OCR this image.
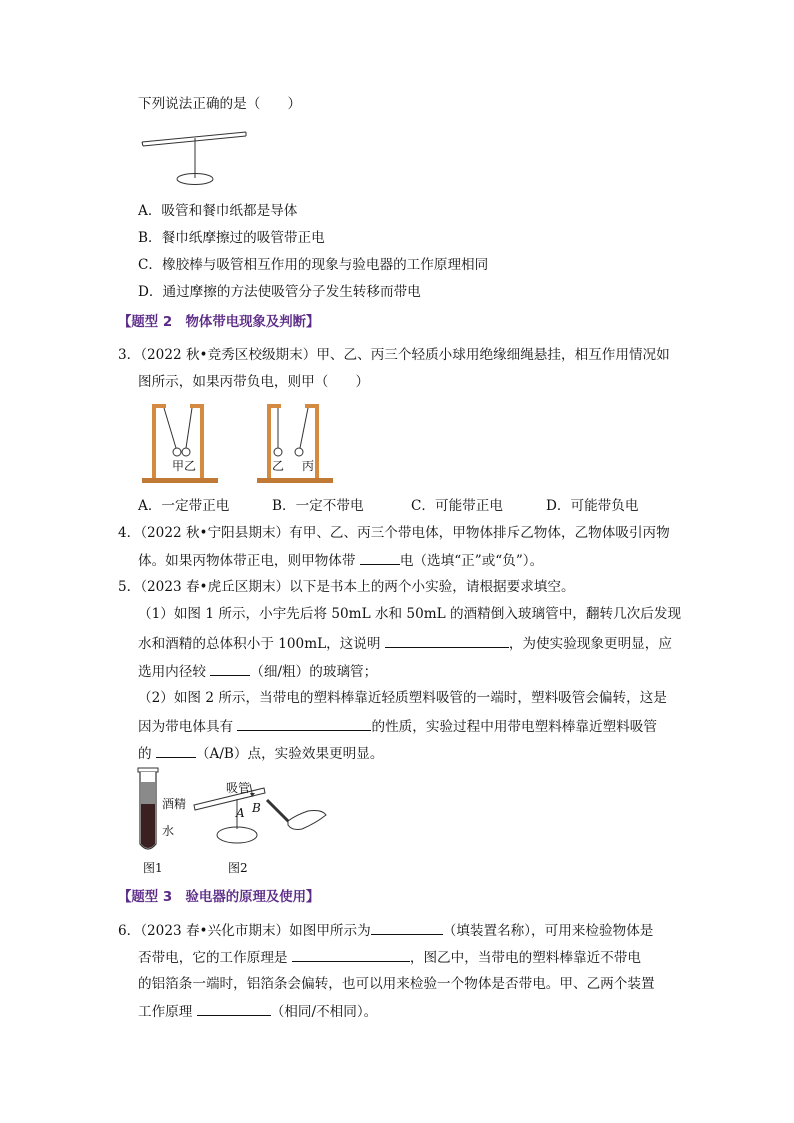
下列说法正确的是（　　）
A．吸管和餐巾纸都是导体
B．餐巾纸摩擦过的吸管带正电
C．橡胶棒与吸管相互作用的现象与验电器的工作原理相同
D．通过摩擦的方法使吸管分子发生转移而带电
【题型 2　物体带电现象及判断】
3．（2022 秋•竞秀区校级期末）甲、乙、丙三个轻质小球用绝缘细绳悬挂，相互作用情况如
图所示，如果丙带负电，则甲（　　）
甲 乙	乙 丙
A．一定带正电	B．一定不带电	C．可能带正电	D．可能带负电
4．（2022 秋•宁阳县期末）有甲、乙、丙三个带电体，甲物体排斥乙物体，乙物体吸引丙物
体。如果丙物体带正电，则甲物体带	电（选填“正”或“负”）。
5．（2023 春•虎丘区期末）以下是书本上的两个小实验，请根据要求填空。
（1）如图 1 所示，小宇先后将 50mL 水和 50mL 的酒精倒入玻璃管中，翻转几次后发现
水和酒精的总体积小于 100mL，这说明	，为使实验现象更明显，应
选用内径较	（细/粗）的玻璃管；
（2）如图 2 所示，当带电的塑料棒靠近轻质塑料吸管的一端时，塑料吸管会偏转，这是
因为带电体具有	的性质，实验过程中用带电塑料棒靠近塑料吸管
的	（A/B）点，实验效果更明显。
酒精
水
图1
吸管
A B
图2
【题型 3　验电器的原理及使用】
6．（2023 春•兴化市期末）如图甲所示为	（填装置名称），可用来检验物体是
否带电，它的工作原理是	，图乙中，当带电的塑料棒靠近不带电
的铝箔条一端时，铝箔条会偏转，也可以用来检验一个物体是否带电。甲、乙两个装置
工作原理	（相同/不相同）。
